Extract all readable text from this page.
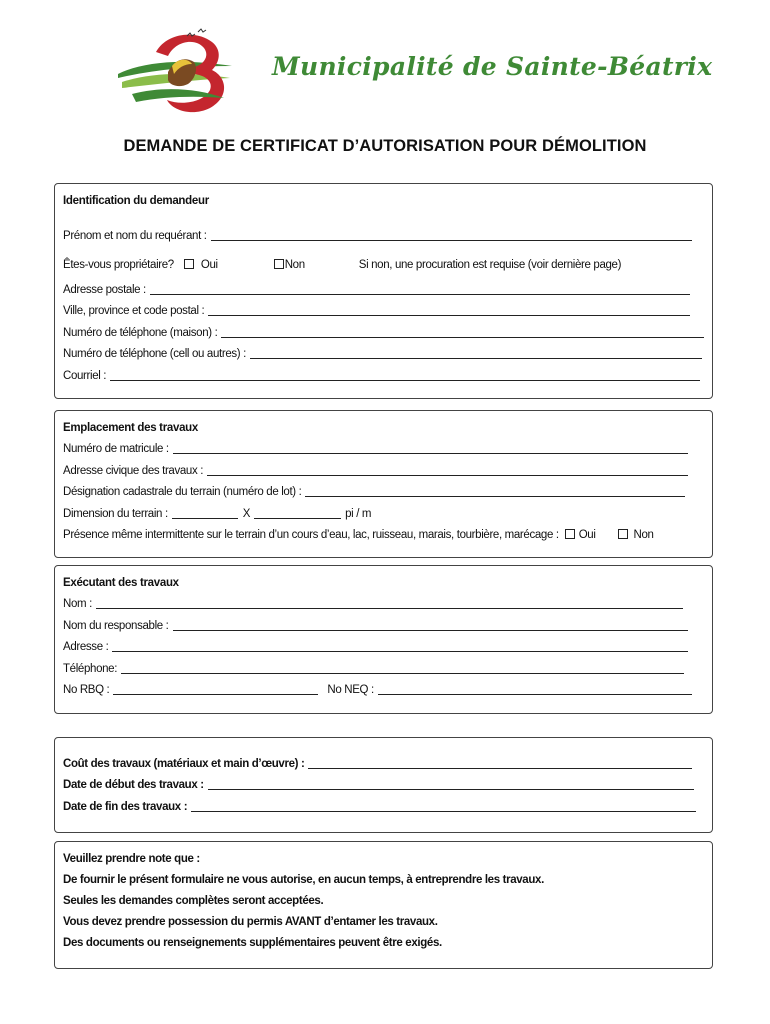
Municipalité de Sainte-Béatrix
DEMANDE DE CERTIFICAT D’AUTORISATION POUR DÉMOLITION
Identification du demandeur
Prénom et nom du requérant :
Êtes-vous propriétaire?	Oui	Non	Si non, une procuration est requise (voir dernière page)
Adresse postale :
Ville, province et code postal :
Numéro de téléphone (maison) :
Numéro de téléphone (cell ou autres) :
Courriel :
Emplacement des travaux
Numéro de matricule :
Adresse civique des travaux :
Désignation cadastrale du terrain (numéro de lot) :
Dimension du terrain :	X	pi / m
Présence même intermittente sur le terrain d’un cours d’eau, lac, ruisseau, marais, tourbière, marécage :	Oui	Non
Exécutant des travaux
Nom :
Nom du responsable :
Adresse :
Téléphone:
No RBQ :	No NEQ :
Coût des travaux (matériaux et main d’œuvre) :
Date de début des travaux :
Date de fin des travaux :
Veuillez prendre note que :
De fournir le présent formulaire ne vous autorise, en aucun temps, à entreprendre les travaux.
Seules les demandes complètes seront acceptées.
Vous devez prendre possession du permis AVANT d’entamer les travaux.
Des documents ou renseignements supplémentaires peuvent être exigés.
